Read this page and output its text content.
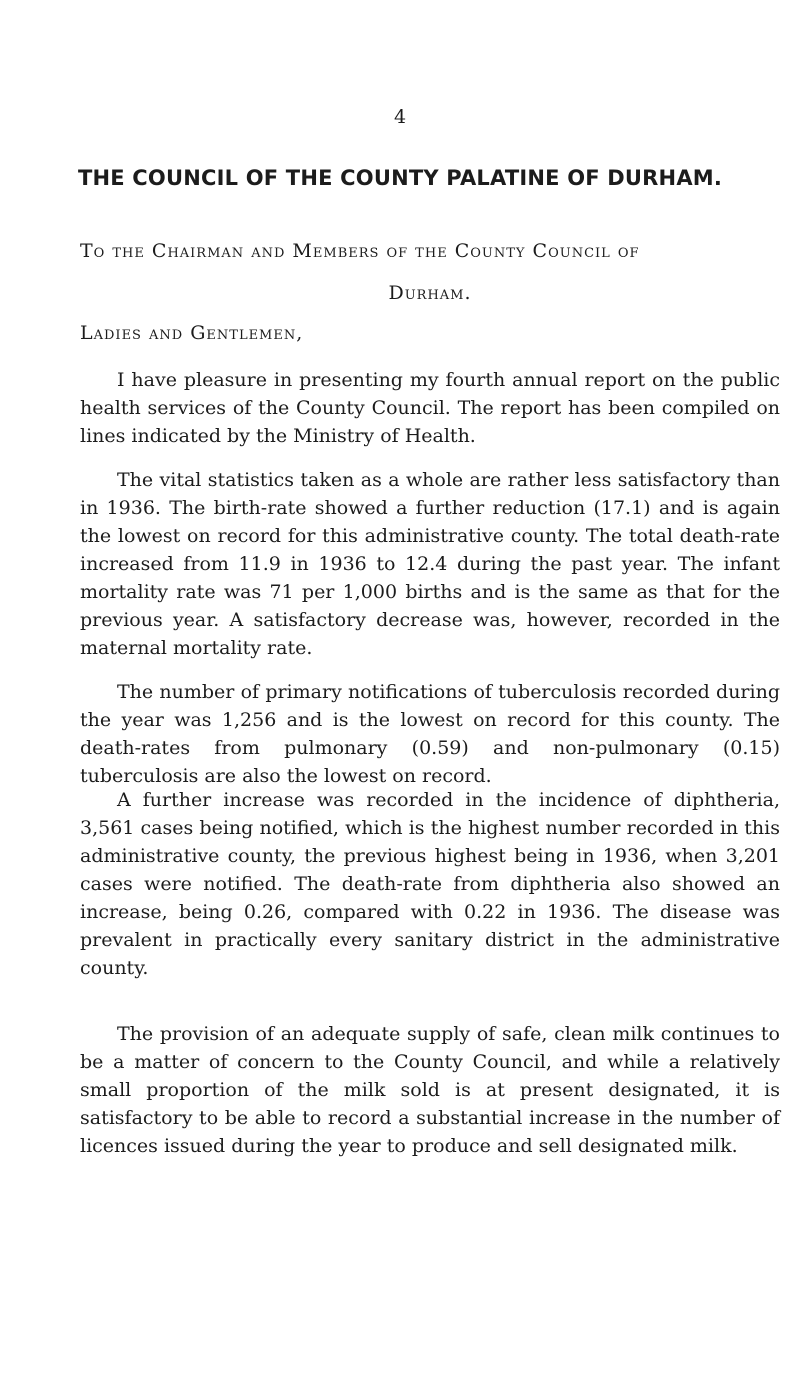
4
THE COUNCIL OF THE COUNTY PALATINE OF DURHAM.
To the Chairman and Members of the County Council of
Durham.
Ladies and Gentlemen,

I have pleasure in presenting my fourth annual report on the public health services of the County Council. The report has been compiled on lines indicated by the Ministry of Health.

The vital statistics taken as a whole are rather less satisfactory than in 1936. The birth-rate showed a further reduction (17.1) and is again the lowest on record for this administrative county. The total death-rate increased from 11.9 in 1936 to 12.4 during the past year. The infant mortality rate was 71 per 1,000 births and is the same as that for the previous year. A satisfactory decrease was, however, recorded in the maternal mortality rate.

The number of primary notifications of tuberculosis recorded during the year was 1,256 and is the lowest on record for this county. The death-rates from pulmonary (0.59) and non-pulmonary (0.15) tuberculosis are also the lowest on record.

A further increase was recorded in the incidence of diphtheria, 3,561 cases being notified, which is the highest number recorded in this administrative county, the previous highest being in 1936, when 3,201 cases were notified. The death-rate from diphtheria also showed an increase, being 0.26, compared with 0.22 in 1936. The disease was prevalent in practically every sanitary district in the administrative county.

The provision of an adequate supply of safe, clean milk continues to be a matter of concern to the County Council, and while a relatively small proportion of the milk sold is at present designated, it is satisfactory to be able to record a substantial increase in the number of licences issued during the year to produce and sell designated milk.
